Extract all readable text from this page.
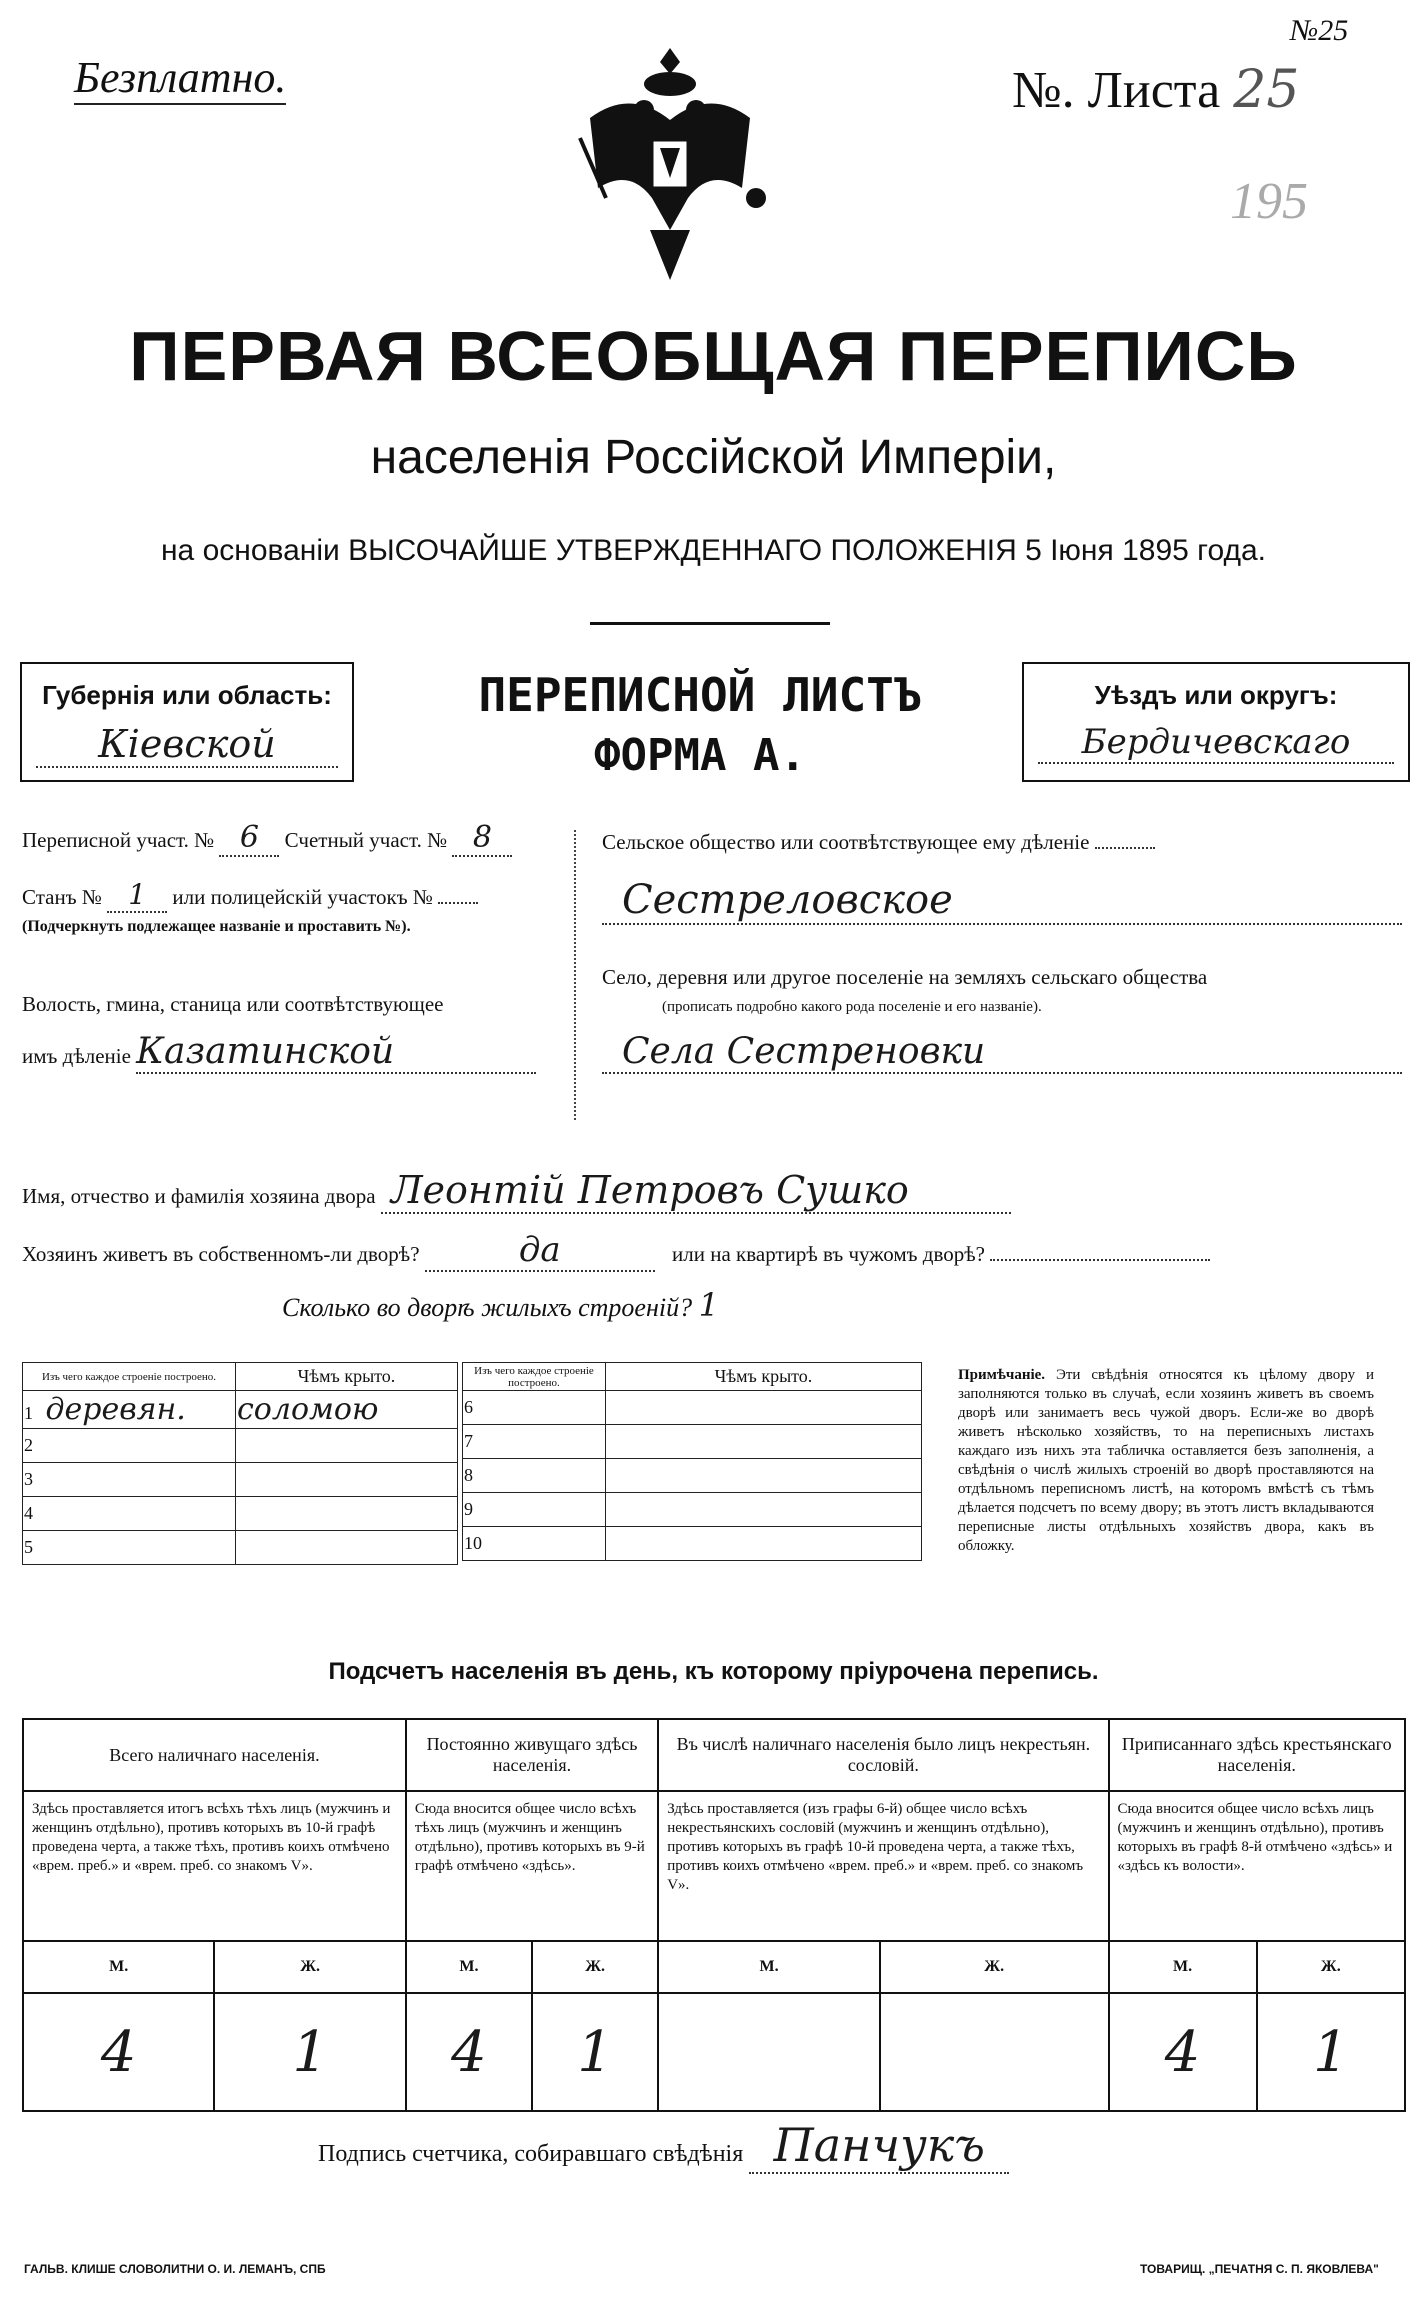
Безплатно.
№25
№. Листа 25
195
ПЕРВАЯ ВСЕОБЩАЯ ПЕРЕПИСЬ
населенія Россійской Имперіи,
на основаніи ВЫСОЧАЙШЕ УТВЕРЖДЕННАГО ПОЛОЖЕНІЯ 5 Іюня 1895 года.
Губернія или область:
Кіевской
ПЕРЕПИСНОЙ ЛИСТЪ
ФОРМА А.
Уѣздъ или округъ:
Бердичевскаго
Переписной участ. № 6 Счетный участ. № 8
Станъ № 1 или полицейскій участокъ №
(Подчеркнуть подлежащее названіе и проставить №).
Волость, гмина, станица или соотвѣтствующее
имъ дѣленіе Казатинской
Сельское общество или соотвѣтствующее ему дѣленіе
Сестреловское
Село, деревня или другое поселеніе на земляхъ сельскаго общества
(прописать подробно какого рода поселеніе и его названіе).
Села Сестреновки
Имя, отчество и фамилія хозяина двора Леонтій Петровъ Сушко
Хозяинъ живетъ въ собственномъ-ли дворѣ?	да	или на квартирѣ въ чужомъ дворѣ?
Сколько во дворѣ жилыхъ строеній? 1
Изъ чего каждое строеніе построено.	Чѣмъ крыто.
1 деревян.	соломою
2	
3	
4	
5	
Изъ чего каждое строеніе построено.	Чѣмъ крыто.
6	
7	
8	
9	
10	
Примѣчаніе. Эти свѣдѣнія относятся къ цѣлому двору и заполняются только въ случаѣ, если хозяинъ живетъ въ своемъ дворѣ или занимаетъ весь чужой дворъ. Если-же во дворѣ живетъ нѣсколько хозяйствъ, то на переписныхъ листахъ каждаго изъ нихъ эта табличка оставляется безъ заполненія, а свѣдѣнія о числѣ жилыхъ строеній во дворѣ проставляются на отдѣльномъ переписномъ листѣ, на которомъ вмѣстѣ съ тѣмъ дѣлается подсчетъ по всему двору; въ этотъ листъ вкладываются переписные листы отдѣльныхъ хозяйствъ двора, какъ въ обложку.
Подсчетъ населенія въ день, къ которому пріурочена перепись.
Всего наличнаго населенія.		Постоянно живущаго здѣсь населенія.		Въ числѣ наличнаго населенія было лицъ некрестьян. сословій.		Приписаннаго здѣсь крестьянскаго населенія.	
Здѣсь проставляется итогъ всѣхъ тѣхъ лицъ (мужчинъ и женщинъ отдѣльно), противъ которыхъ въ 10-й графѣ проведена черта, а также тѣхъ, противъ коихъ отмѣчено «врем. преб.» и «врем. преб. со знакомъ V».		Сюда вносится общее число всѣхъ тѣхъ лицъ (мужчинъ и женщинъ отдѣльно), противъ которыхъ въ 9-й графѣ отмѣчено «здѣсь».		Здѣсь проставляется (изъ графы 6-й) общее число всѣхъ некрестьянскихъ сословій (мужчинъ и женщинъ отдѣльно), противъ которыхъ въ графѣ 10-й проведена черта, а также тѣхъ, противъ коихъ отмѣчено «врем. преб.» и «врем. преб. со знакомъ V».		Сюда вносится общее число всѣхъ лицъ (мужчинъ и женщинъ отдѣльно), противъ которыхъ въ графѣ 8-й отмѣчено «здѣсь» и «здѣсь къ волости».	
М.	Ж.	М.	Ж.	М.	Ж.	М.	Ж.
4	1	4	1			4	1
Подпись счетчика, собиравшаго свѣдѣнія Панчукъ
ГАЛЬВ. КЛИШЕ СЛОВОЛИТНИ О. И. ЛЕМАНЪ, СПБ	ТОВАРИЩ. „ПЕЧАТНЯ С. П. ЯКОВЛЕВА"
